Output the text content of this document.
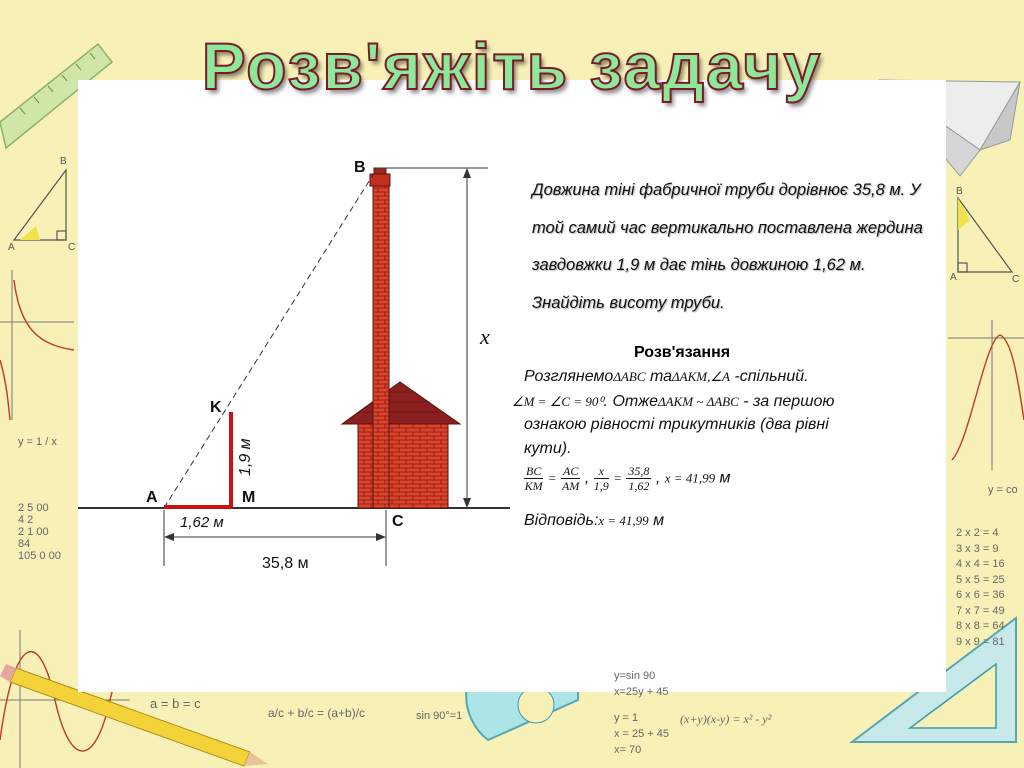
B
A	C
B
A	C
y = 1 / x
y = co
sin 90°=1	(x+y)(x-y) = x² - y²
a/c + b/c = (a+b)/c
a = b = c
y=sin 90
x=25y + 45
y = 1
x = 25 + 45
x= 70
2 5 00
4 2
2 1 00
84
105 0 00
2 x 2 = 4
3 x 3 = 9
4 x 4 = 16
5 x 5 = 25
6 x 6 = 36
7 x 7 = 49
8 x 8 = 64
9 x 9 = 81
Розв'яжіть задачу
B
K
A	M
C
x
1,9 м
1,62 м
35,8 м
Довжина тіні фабричної труби дорівнює 35,8 м. У той самий час вертикально поставлена жердина завдовжки 1,9 м дає тінь довжиною 1,62 м. Знайдіть висоту труби.
Розв'язання
РозглянемоΔABC таΔAKM,∠A -спільний.
∠M = ∠C = 90⁰. ОтжеΔAKM ~ ΔABC - за першою
ознакою рівності трикутників (два рівні
кути).
$\frac{BC}{KM} = \frac{AC}{AM}$ , $\frac{x}{1,9} = \frac{35,8}{1,62}$ , x = 41,99 м
Відповідь:x = 41,99 м
